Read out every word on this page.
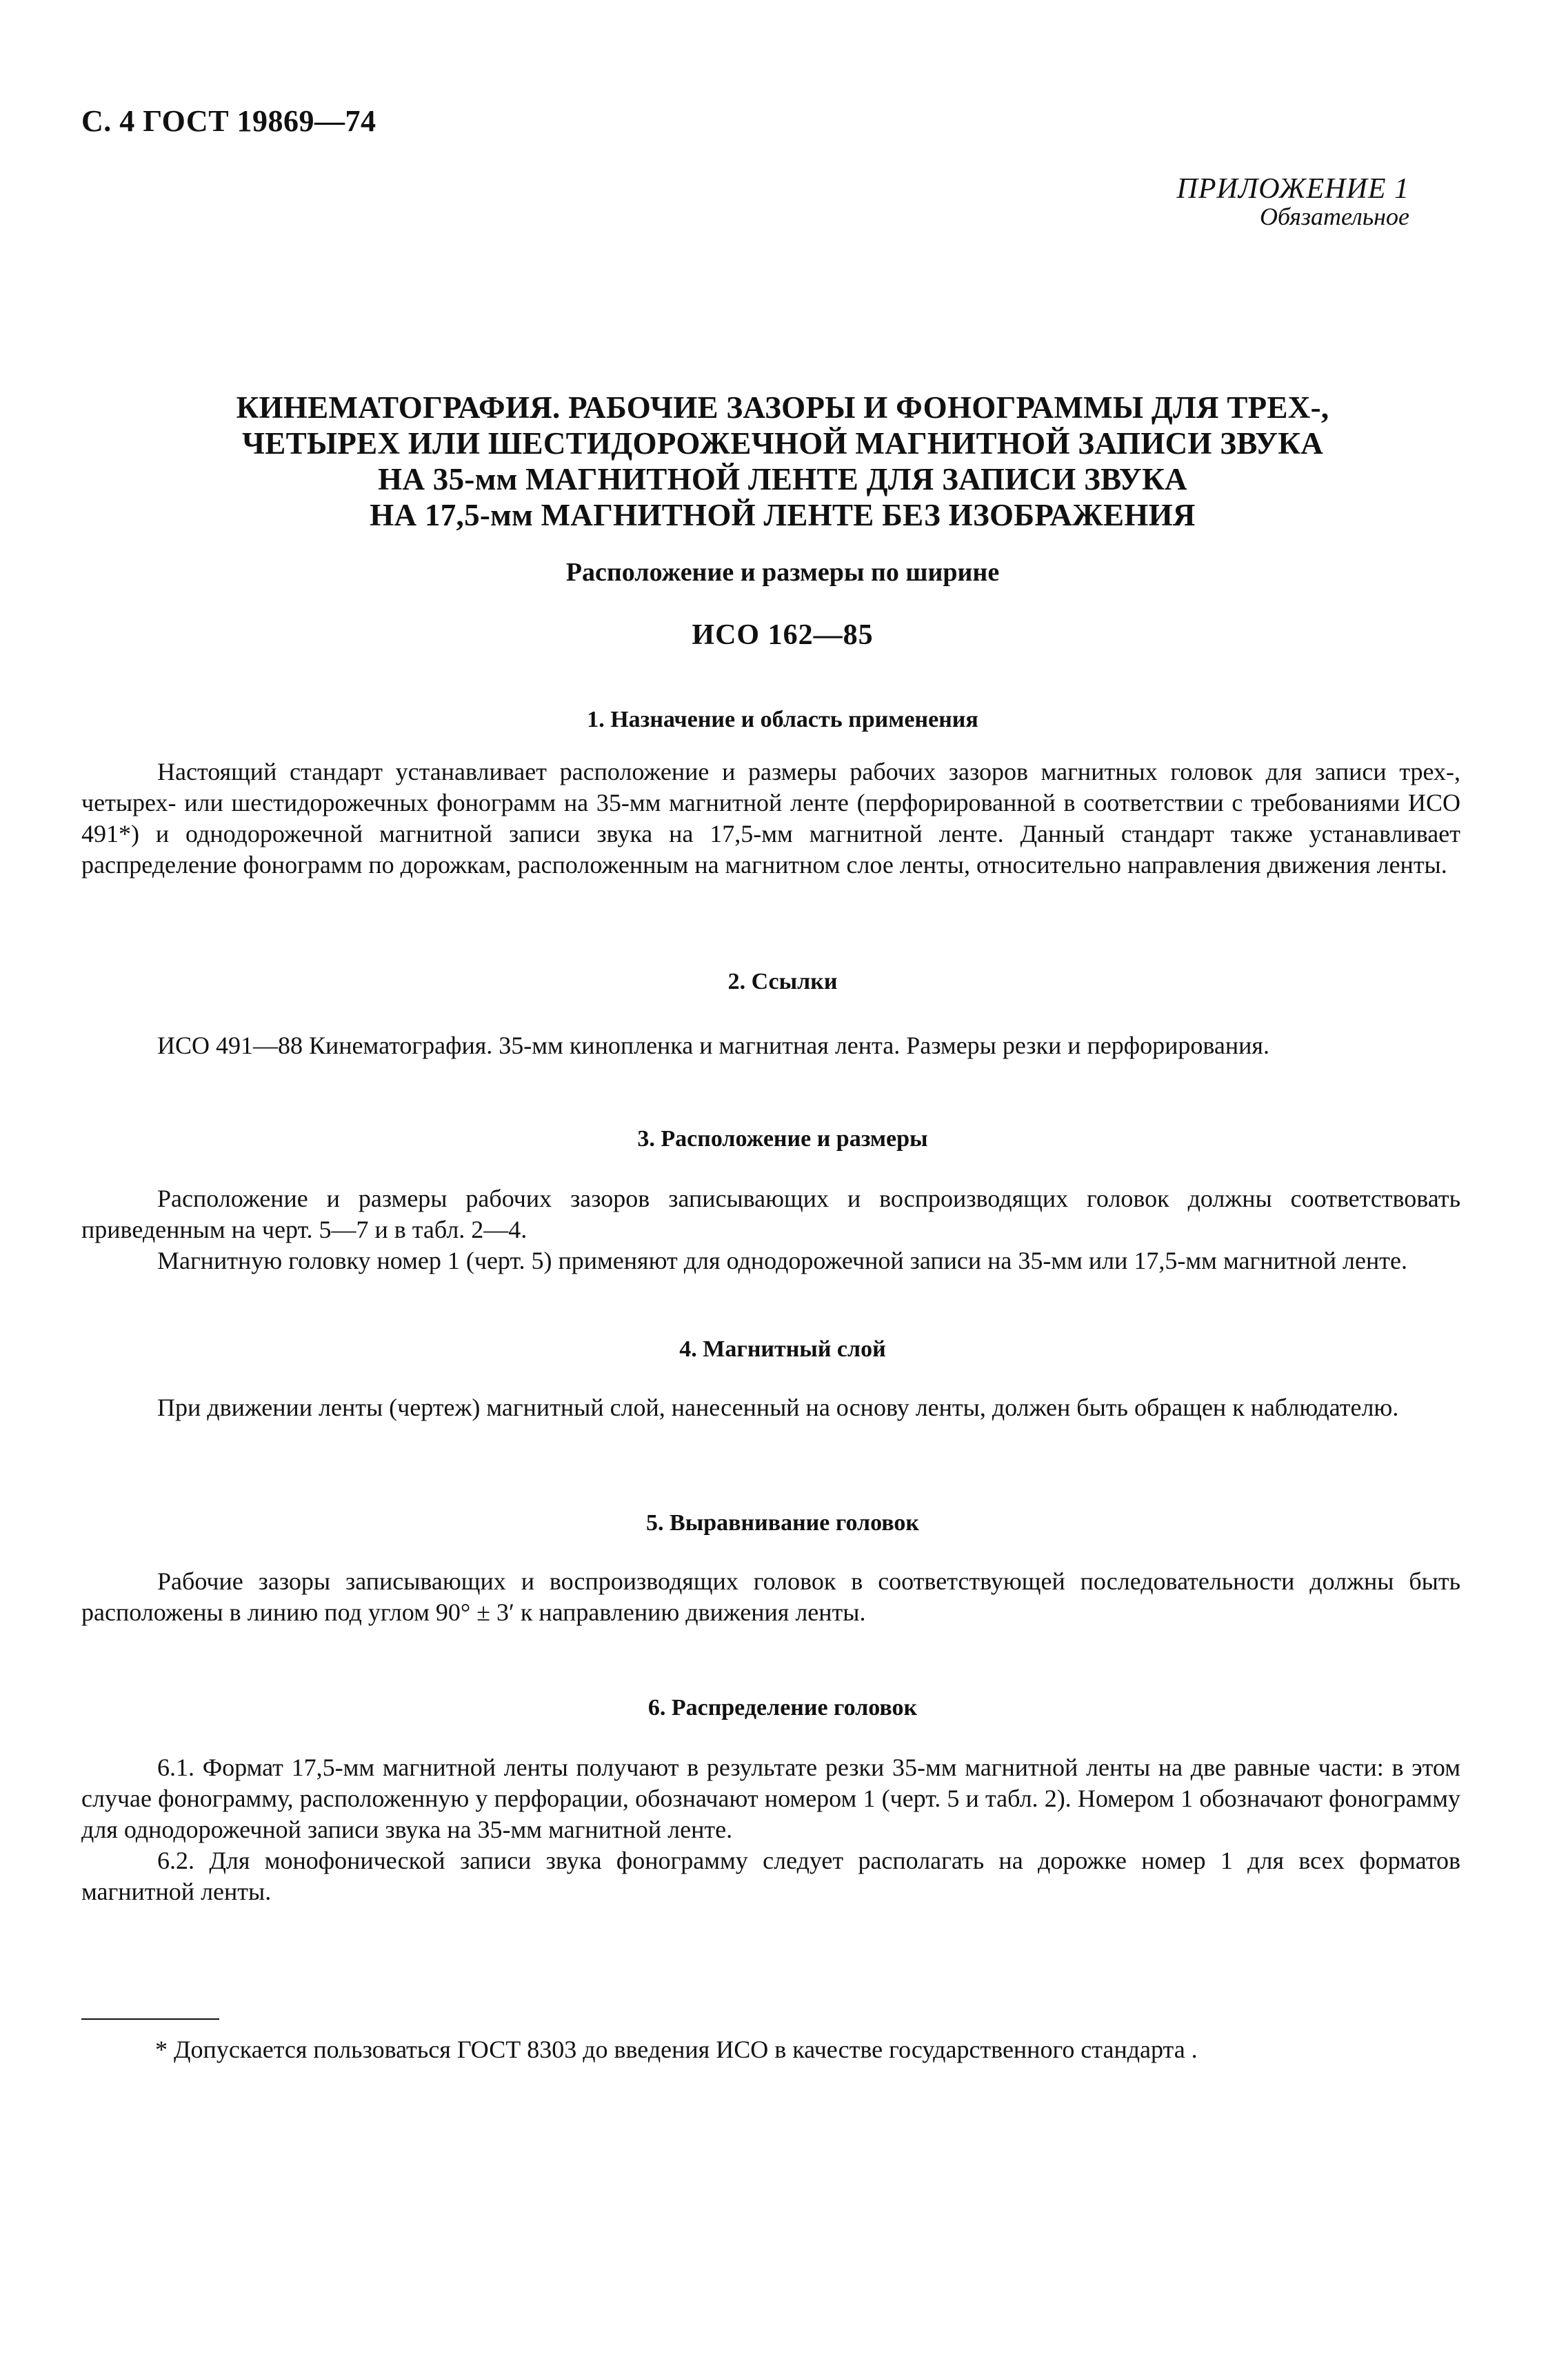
С. 4 ГОСТ 19869—74
ПРИЛОЖЕНИЕ 1
Обязательное
КИНЕМАТОГРАФИЯ. РАБОЧИЕ ЗАЗОРЫ И ФОНОГРАММЫ ДЛЯ ТРЕХ-,
ЧЕТЫРЕХ ИЛИ ШЕСТИДОРОЖЕЧНОЙ МАГНИТНОЙ ЗАПИСИ ЗВУКА
НА 35-мм МАГНИТНОЙ ЛЕНТЕ ДЛЯ ЗАПИСИ ЗВУКА
НА 17,5-мм МАГНИТНОЙ ЛЕНТЕ БЕЗ ИЗОБРАЖЕНИЯ
Расположение и размеры по ширине
ИСО 162—85
1. Назначение и область применения

Настоящий стандарт устанавливает расположение и размеры рабочих зазоров магнитных головок для записи трех-, четырех- или шестидорожечных фонограмм на 35-мм магнитной ленте (перфорированной в соответствии с требованиями ИСО 491*) и однодорожечной магнитной записи звука на 17,5-мм магнитной ленте. Данный стандарт также устанавливает распределение фонограмм по дорожкам, расположенным на магнитном слое ленты, относительно направления движения ленты.

2. Ссылки

ИСО 491—88 Кинематография. 35-мм кинопленка и магнитная лента. Размеры резки и перфорирования.

3. Расположение и размеры

Расположение и размеры рабочих зазоров записывающих и воспроизводящих головок должны соответствовать приведенным на черт. 5—7 и в табл. 2—4.

Магнитную головку номер 1 (черт. 5) применяют для однодорожечной записи на 35-мм или 17,5-мм магнитной ленте.

4. Магнитный слой

При движении ленты (чертеж) магнитный слой, нанесенный на основу ленты, должен быть обращен к наблюдателю.

5. Выравнивание головок

Рабочие зазоры записывающих и воспроизводящих головок в соответствующей последовательности должны быть расположены в линию под углом 90° ± 3′ к направлению движения ленты.

6. Распределение головок

6.1. Формат 17,5-мм магнитной ленты получают в результате резки 35-мм магнитной ленты на две равные части: в этом случае фонограмму, расположенную у перфорации, обозначают номером 1 (черт. 5 и табл. 2). Номером 1 обозначают фонограмму для однодорожечной записи звука на 35-мм магнитной ленте.

6.2. Для монофонической записи звука фонограмму следует располагать на дорожке номер 1 для всех форматов магнитной ленты.

* Допускается пользоваться ГОСТ 8303 до введения ИСО в качестве государственного стандарта .
